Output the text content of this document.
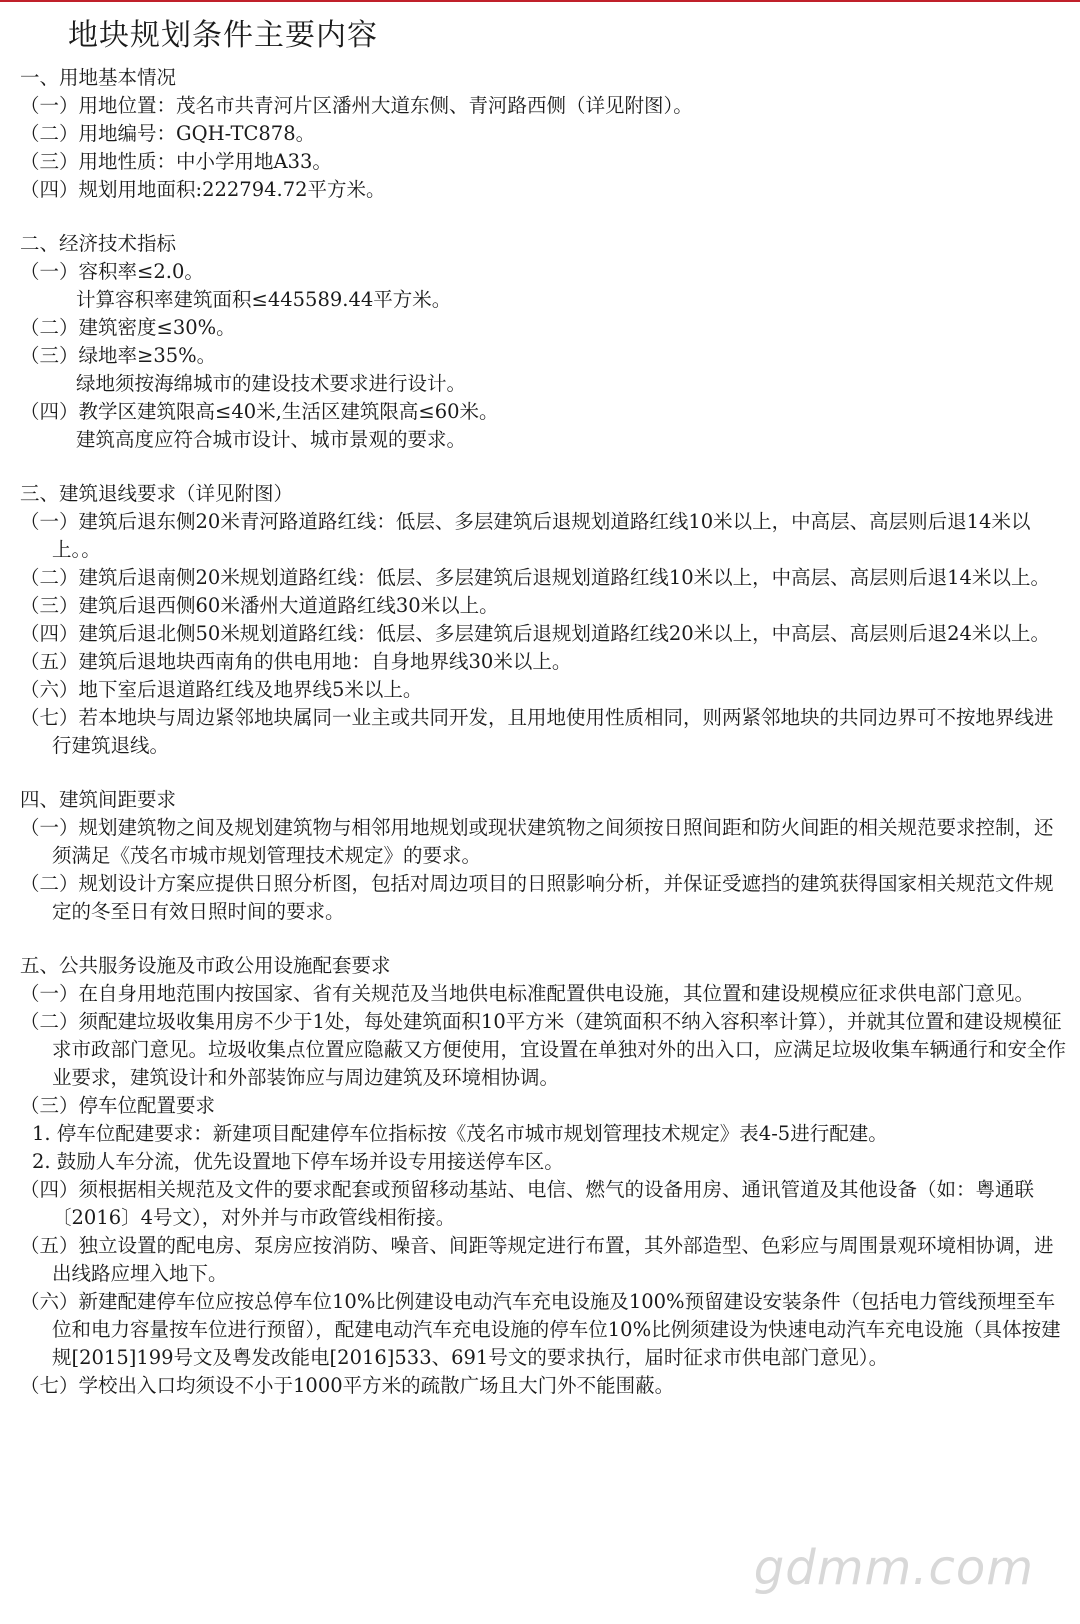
地块规划条件主要内容
一、用地基本情况
（一）用地位置：茂名市共青河片区潘州大道东侧、青河路西侧（详见附图）。
（二）用地编号：GQH-TC878。
（三）用地性质：中小学用地A33。
（四）规划用地面积:222794.72平方米。
二、经济技术指标
（一）容积率≤2.0。
计算容积率建筑面积≤445589.44平方米。
（二）建筑密度≤30%。
（三）绿地率≥35%。
绿地须按海绵城市的建设技术要求进行设计。
（四）教学区建筑限高≤40米,生活区建筑限高≤60米。
建筑高度应符合城市设计、城市景观的要求。
三、建筑退线要求（详见附图）
（一）建筑后退东侧20米青河路道路红线：低层、多层建筑后退规划道路红线10米以上，中高层、高层则后退14米以上。。
（二）建筑后退南侧20米规划道路红线：低层、多层建筑后退规划道路红线10米以上，中高层、高层则后退14米以上。
（三）建筑后退西侧60米潘州大道道路红线30米以上。
（四）建筑后退北侧50米规划道路红线：低层、多层建筑后退规划道路红线20米以上，中高层、高层则后退24米以上。
（五）建筑后退地块西南角的供电用地：自身地界线30米以上。
（六）地下室后退道路红线及地界线5米以上。
（七）若本地块与周边紧邻地块属同一业主或共同开发，且用地使用性质相同，则两紧邻地块的共同边界可不按地界线进行建筑退线。
四、建筑间距要求
（一）规划建筑物之间及规划建筑物与相邻用地规划或现状建筑物之间须按日照间距和防火间距的相关规范要求控制，还须满足《茂名市城市规划管理技术规定》的要求。
（二）规划设计方案应提供日照分析图，包括对周边项目的日照影响分析，并保证受遮挡的建筑获得国家相关规范文件规定的冬至日有效日照时间的要求。
五、公共服务设施及市政公用设施配套要求
（一）在自身用地范围内按国家、省有关规范及当地供电标准配置供电设施，其位置和建设规模应征求供电部门意见。
（二）须配建垃圾收集用房不少于1处，每处建筑面积10平方米（建筑面积不纳入容积率计算），并就其位置和建设规模征求市政部门意见。垃圾收集点位置应隐蔽又方便使用，宜设置在单独对外的出入口，应满足垃圾收集车辆通行和安全作业要求，建筑设计和外部装饰应与周边建筑及环境相协调。
（三）停车位配置要求
1. 停车位配建要求：新建项目配建停车位指标按《茂名市城市规划管理技术规定》表4-5进行配建。
2. 鼓励人车分流，优先设置地下停车场并设专用接送停车区。
（四）须根据相关规范及文件的要求配套或预留移动基站、电信、燃气的设备用房、通讯管道及其他设备（如：粤通联〔2016〕4号文），对外并与市政管线相衔接。
（五）独立设置的配电房、泵房应按消防、噪音、间距等规定进行布置，其外部造型、色彩应与周围景观环境相协调，进出线路应埋入地下。
（六）新建配建停车位应按总停车位10%比例建设电动汽车充电设施及100%预留建设安装条件（包括电力管线预埋至车位和电力容量按车位进行预留），配建电动汽车充电设施的停车位10%比例须建设为快速电动汽车充电设施（具体按建规[2015]199号文及粤发改能电[2016]533、691号文的要求执行，届时征求市供电部门意见）。
（七）学校出入口均须设不小于1000平方米的疏散广场且大门外不能围蔽。
gdmm.com
